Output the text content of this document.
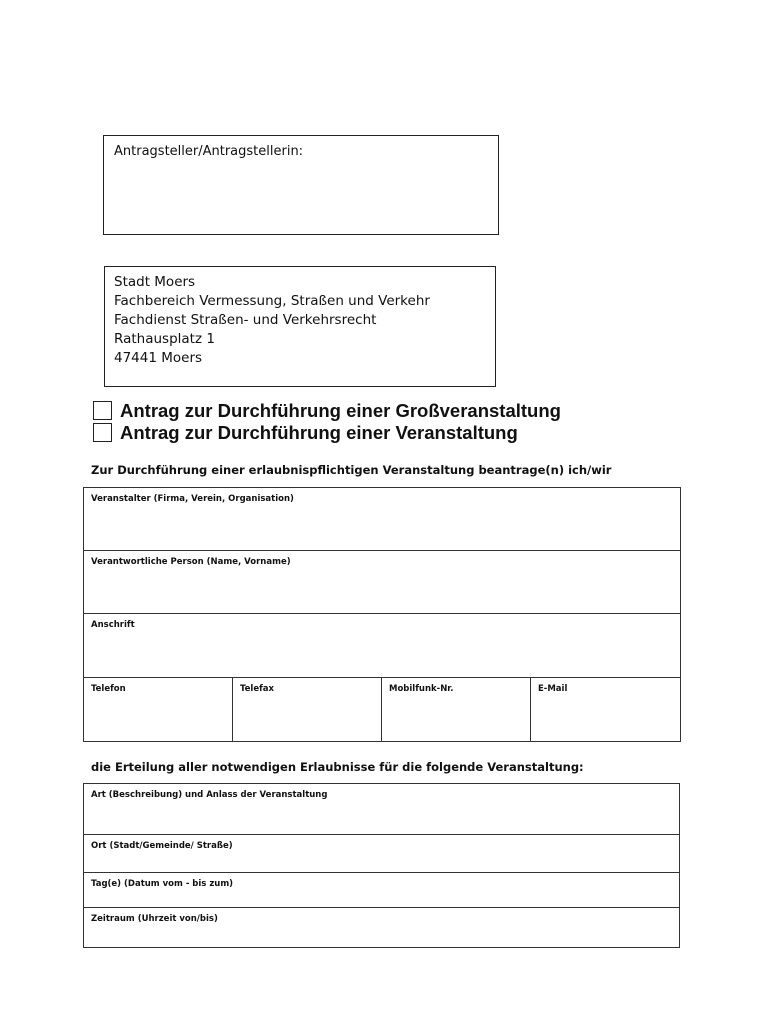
Antragsteller/Antragstellerin:
Stadt Moers
Fachbereich Vermessung, Straßen und Verkehr
Fachdienst Straßen- und Verkehrsrecht
Rathausplatz 1
47441 Moers
Antrag zur Durchführung einer Großveranstaltung
Antrag zur Durchführung einer Veranstaltung
Zur Durchführung einer erlaubnispflichtigen Veranstaltung beantrage(n) ich/wir
Veranstalter (Firma, Verein, Organisation)
Verantwortliche Person (Name, Vorname)
Anschrift
Telefon	Telefax	Mobilfunk-Nr.	E-Mail
die Erteilung aller notwendigen Erlaubnisse für die folgende Veranstaltung:
Art (Beschreibung) und Anlass der Veranstaltung
Ort (Stadt/Gemeinde/ Straße)
Tag(e) (Datum vom - bis zum)
Zeitraum (Uhrzeit von/bis)
